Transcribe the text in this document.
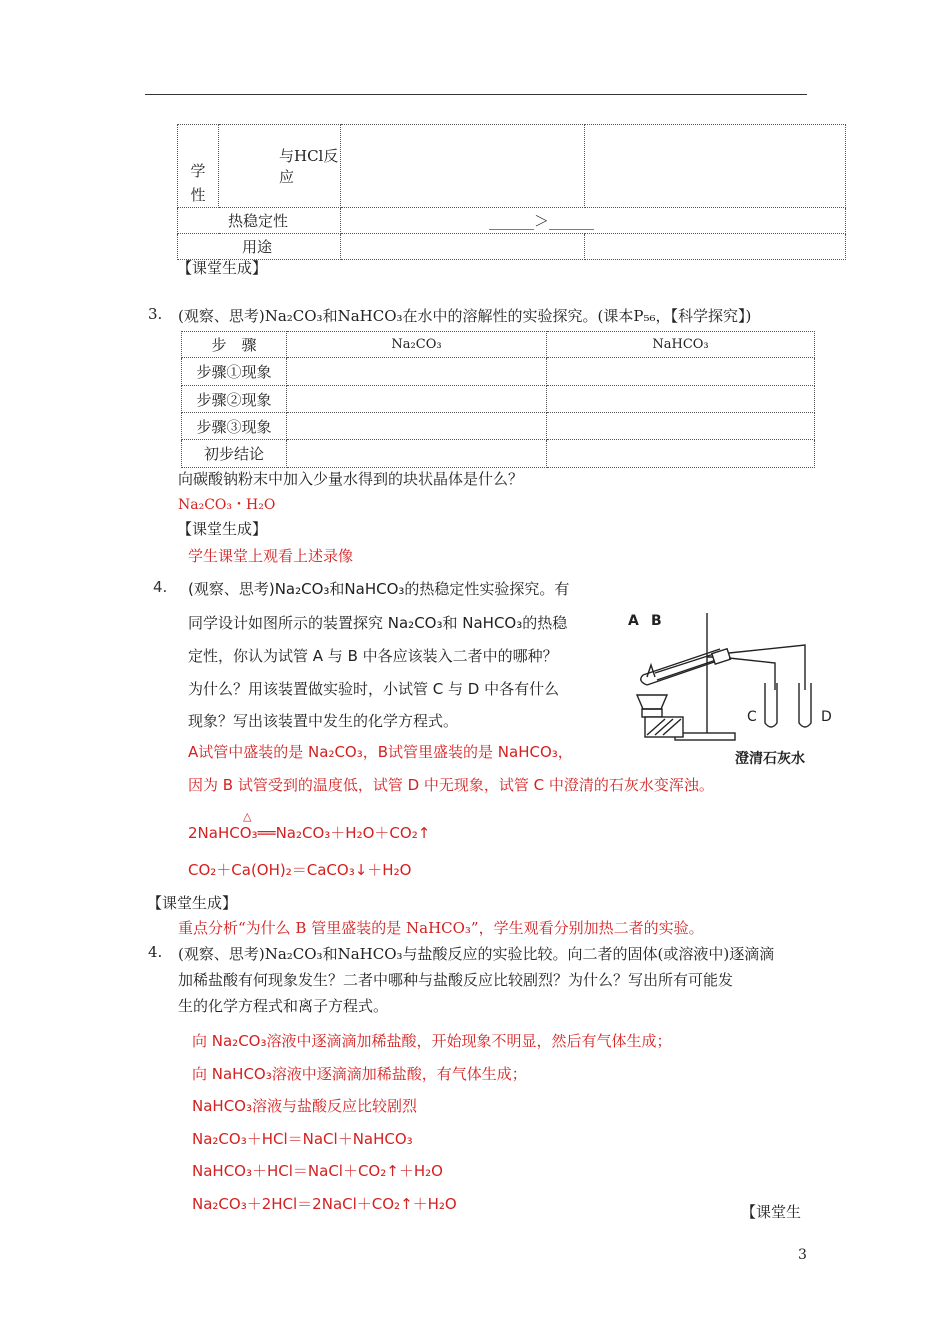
学
性	与HCl反应		

热稳定性		______＞______	

用途			

【课堂生成】
3. (观察、思考)Na₂CO₃和NaHCO₃在水中的溶解性的实验探究。(课本P₅₆，【科学探究】)
步　骤	Na₂CO₃	NaHCO₃
步骤①现象		
步骤②现象		
步骤③现象		
初步结论		
向碳酸钠粉末中加入少量水得到的块状晶体是什么？
Na₂CO₃・H₂O
【课堂生成】
学生课堂上观看上述录像
4. (观察、思考)Na₂CO₃和NaHCO₃的热稳定性实验探究。有
同学设计如图所示的装置探究 Na₂CO₃和 NaHCO₃的热稳
定性，你认为试管 A 与 B 中各应该装入二者中的哪种？
为什么？用该装置做实验时，小试管 C 与 D 中各有什么
现象？写出该装置中发生的化学方程式。
A试管中盛装的是 Na₂CO₃，B试管里盛装的是 NaHCO₃，
因为 B 试管受到的温度低，试管 D 中无现象，试管 C 中澄清的石灰水变浑浊。
△
2NaHCO₃══Na₂CO₃＋H₂O＋CO₂↑
CO₂＋Ca(OH)₂＝CaCO₃↓＋H₂O
A B
C	D
澄清石灰水
【课堂生成】
重点分析“为什么 B 管里盛装的是 NaHCO₃”，学生观看分别加热二者的实验。
4. (观察、思考)Na₂CO₃和NaHCO₃与盐酸反应的实验比较。向二者的固体(或溶液中)逐滴滴
加稀盐酸有何现象发生？二者中哪种与盐酸反应比较剧烈？为什么？写出所有可能发
生的化学方程式和离子方程式。
向 Na₂CO₃溶液中逐滴滴加稀盐酸，开始现象不明显，然后有气体生成；
向 NaHCO₃溶液中逐滴滴加稀盐酸，有气体生成；
NaHCO₃溶液与盐酸反应比较剧烈
Na₂CO₃＋HCl＝NaCl＋NaHCO₃
NaHCO₃＋HCl＝NaCl＋CO₂↑＋H₂O
Na₂CO₃＋2HCl＝2NaCl＋CO₂↑＋H₂O	【课堂生
3
